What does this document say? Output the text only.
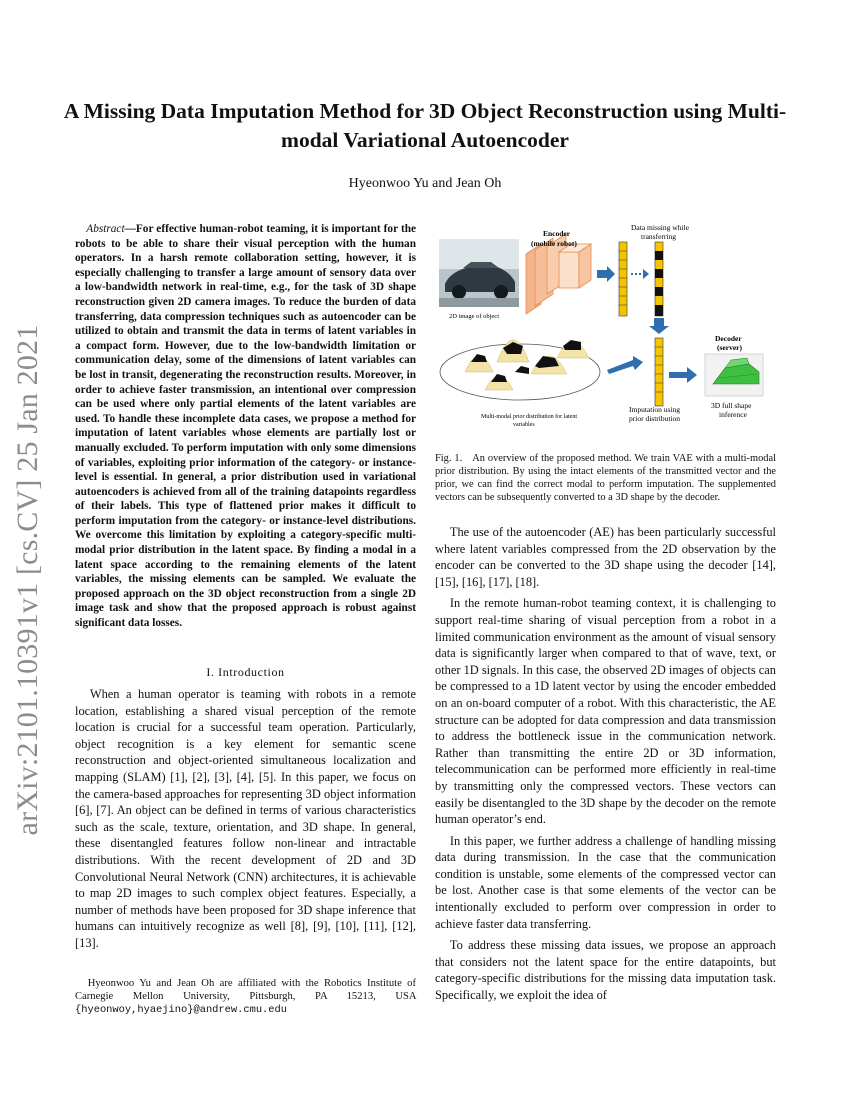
arXiv:2101.10391v1 [cs.CV] 25 Jan 2021
A Missing Data Imputation Method for 3D Object Reconstruction using Multi-modal Variational Autoencoder
Hyeonwoo Yu and Jean Oh
Abstract—For effective human-robot teaming, it is important for the robots to be able to share their visual perception with the human operators. In a harsh remote collaboration setting, however, it is especially challenging to transfer a large amount of sensory data over a low-bandwidth network in real-time, e.g., for the task of 3D shape reconstruction given 2D camera images. To reduce the burden of data transferring, data compression techniques such as autoencoder can be utilized to obtain and transmit the data in terms of latent variables in a compact form. However, due to the low-bandwidth limitation or communication delay, some of the dimensions of latent variables can be lost in transit, degenerating the reconstruction results. Moreover, in order to achieve faster transmission, an intentional over compression can be used where only partial elements of the latent variables are used. To handle these incomplete data cases, we propose a method for imputation of latent variables whose elements are partially lost or manually excluded. To perform imputation with only some dimensions of variables, exploiting prior information of the category- or instance-level is essential. In general, a prior distribution used in variational autoencoders is achieved from all of the training datapoints regardless of their labels. This type of flattened prior makes it difficult to perform imputation from the category- or instance-level distributions. We overcome this limitation by exploiting a category-specific multi-modal prior distribution in the latent space. By finding a modal in a latent space according to the remaining elements of the latent variables, the missing elements can be sampled. We evaluate the proposed approach on the 3D object reconstruction from a single 2D image task and show that the proposed approach is robust against significant data losses.
I. Introduction

When a human operator is teaming with robots in a remote location, establishing a shared visual perception of the remote location is crucial for a successful team operation. Particularly, object recognition is a key element for semantic scene reconstruction and object-oriented simultaneous localization and mapping (SLAM) [1], [2], [3], [4], [5]. In this paper, we focus on the camera-based approaches for representing 3D object information [6], [7]. An object can be defined in terms of various characteristics such as the scale, texture, orientation, and 3D shape. In general, these disentangled features follow non-linear and intractable distributions. With the recent development of 2D and 3D Convolutional Neural Network (CNN) architectures, it is achievable to map 2D images to such complex object features. Especially, a number of methods have been proposed for 3D shape inference that humans can intuitively recognize as well [8], [9], [10], [11], [12], [13].

Hyeonwoo Yu and Jean Oh are affiliated with the Robotics Institute of Carnegie Mellon University, Pittsburgh, PA 15213, USA {hyeonwoy,hyaejino}@andrew.cmu.edu
2D image of object
Encoder
(mobile robot)
Data missing while
transferring
Multi-modal prior distribution for latent
variables
Imputation using
prior distribution
Decoder
(server)
3D full shape
inference
Fig. 1. An overview of the proposed method. We train VAE with a multi-modal prior distribution. By using the intact elements of the transmitted vector and the prior, we can find the correct modal to perform imputation. The supplemented vectors can be subsequently converted to a 3D shape by the decoder.

The use of the autoencoder (AE) has been particularly successful where latent variables compressed from the 2D observation by the encoder can be converted to the 3D shape using the decoder [14], [15], [16], [17], [18].

In the remote human-robot teaming context, it is challenging to support real-time sharing of visual perception from a robot in a limited communication environment as the amount of visual sensory data is significantly larger when compared to that of wave, text, or other 1D signals. In this case, the observed 2D images of objects can be compressed to a 1D latent vector by using the encoder embedded on an on-board computer of a robot. With this characteristic, the AE structure can be adopted for data compression and data transmission to address the bottleneck issue in the communication network. Rather than transmitting the entire 2D or 3D information, telecommunication can be performed more efficiently in real-time by transmitting only the compressed vectors. These vectors can easily be disentangled to the 3D shape by the decoder on the remote human operator’s end.

In this paper, we further address a challenge of handling missing data during transmission. In the case that the communication condition is unstable, some elements of the compressed vector can be lost. Another case is that some elements of the vector can be intentionally excluded to perform over compression in order to achieve faster data transferring.

To address these missing data issues, we propose an approach that considers not the latent space for the entire datapoints, but category-specific distributions for the missing data imputation task. Specifically, we exploit the idea of
